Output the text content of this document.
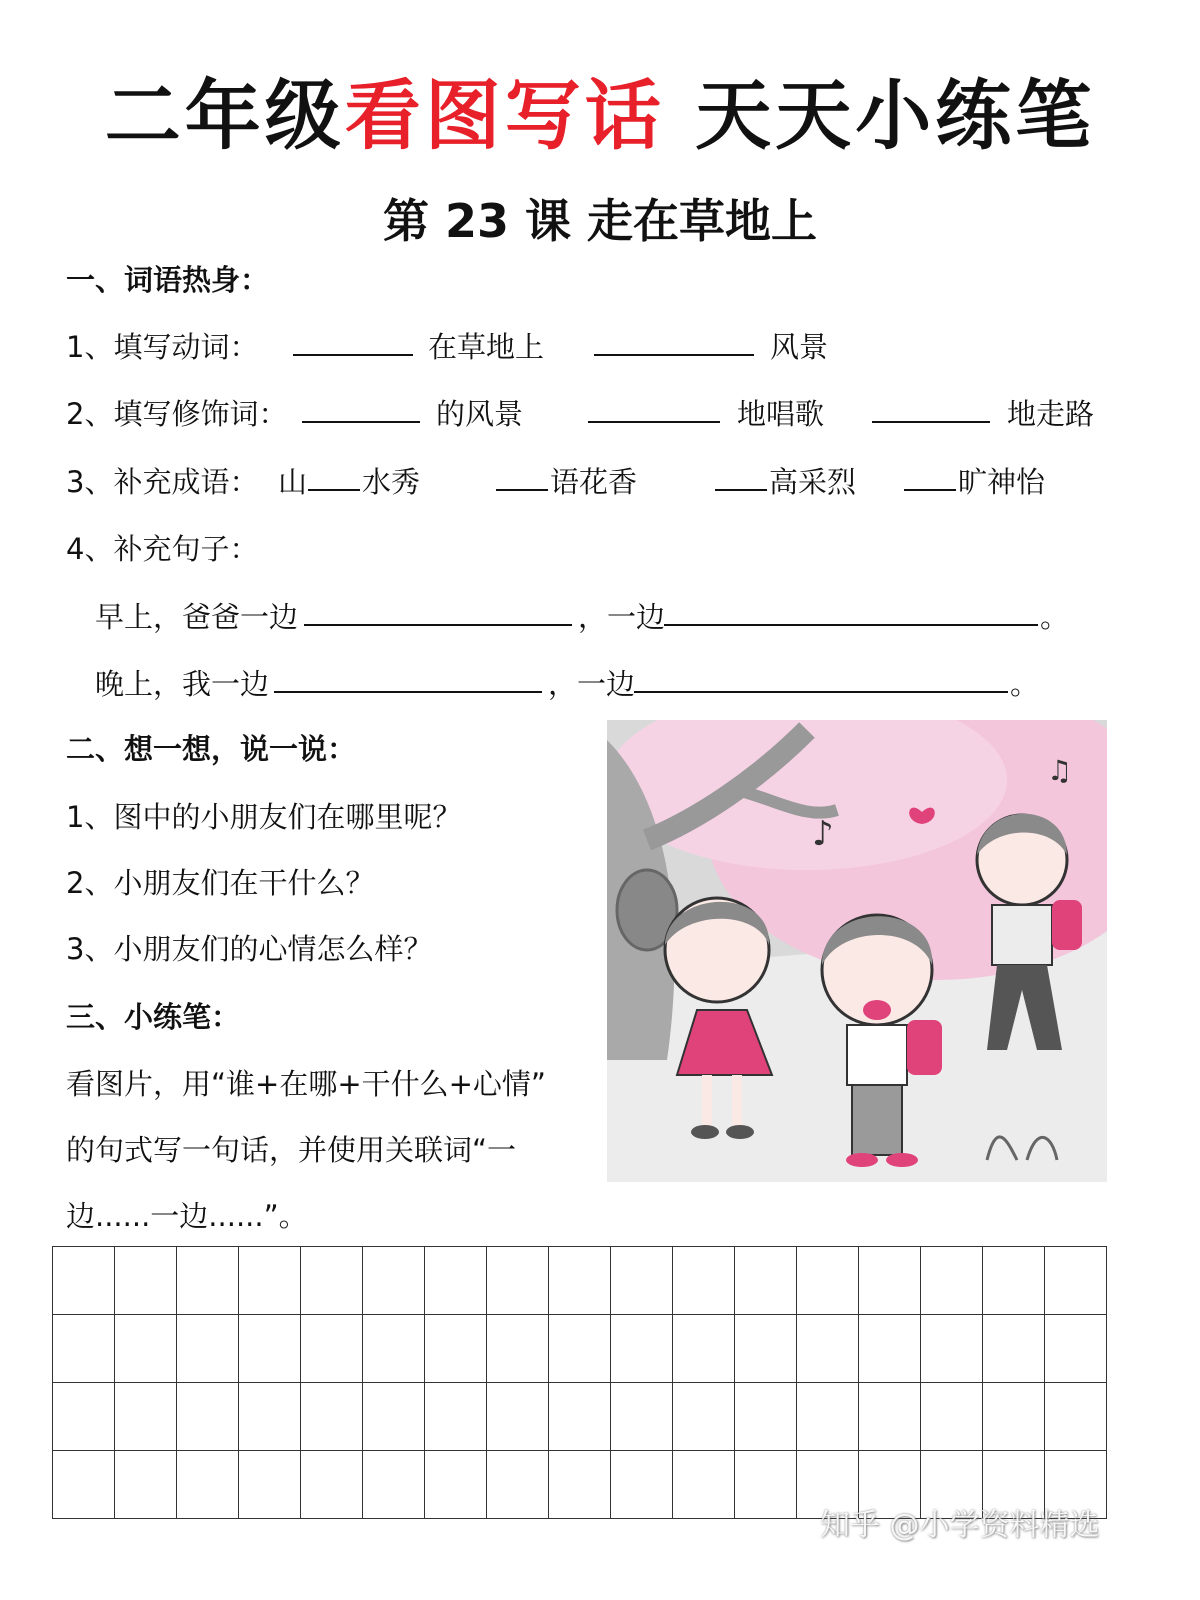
二年级看图写话 天天小练笔
第 23 课 走在草地上
一、词语热身：
1、填写动词：	在草地上	风景
2、填写修饰词：	的风景	地唱歌	地走路
3、补充成语： 山 水秀	语花香	高采烈	旷神怡
4、补充句子：
早上，爸爸一边	，一边	。
晚上，我一边	，一边	。
二、想一想，说一说：
1、图中的小朋友们在哪里呢？
2、小朋友们在干什么？
3、小朋友们的心情怎么样？
三、小练笔：
看图片，用“谁+在哪+干什么+心情”
的句式写一句话，并使用关联词“一
边......一边......”。
♫
♪
知乎 @小学资料精选
